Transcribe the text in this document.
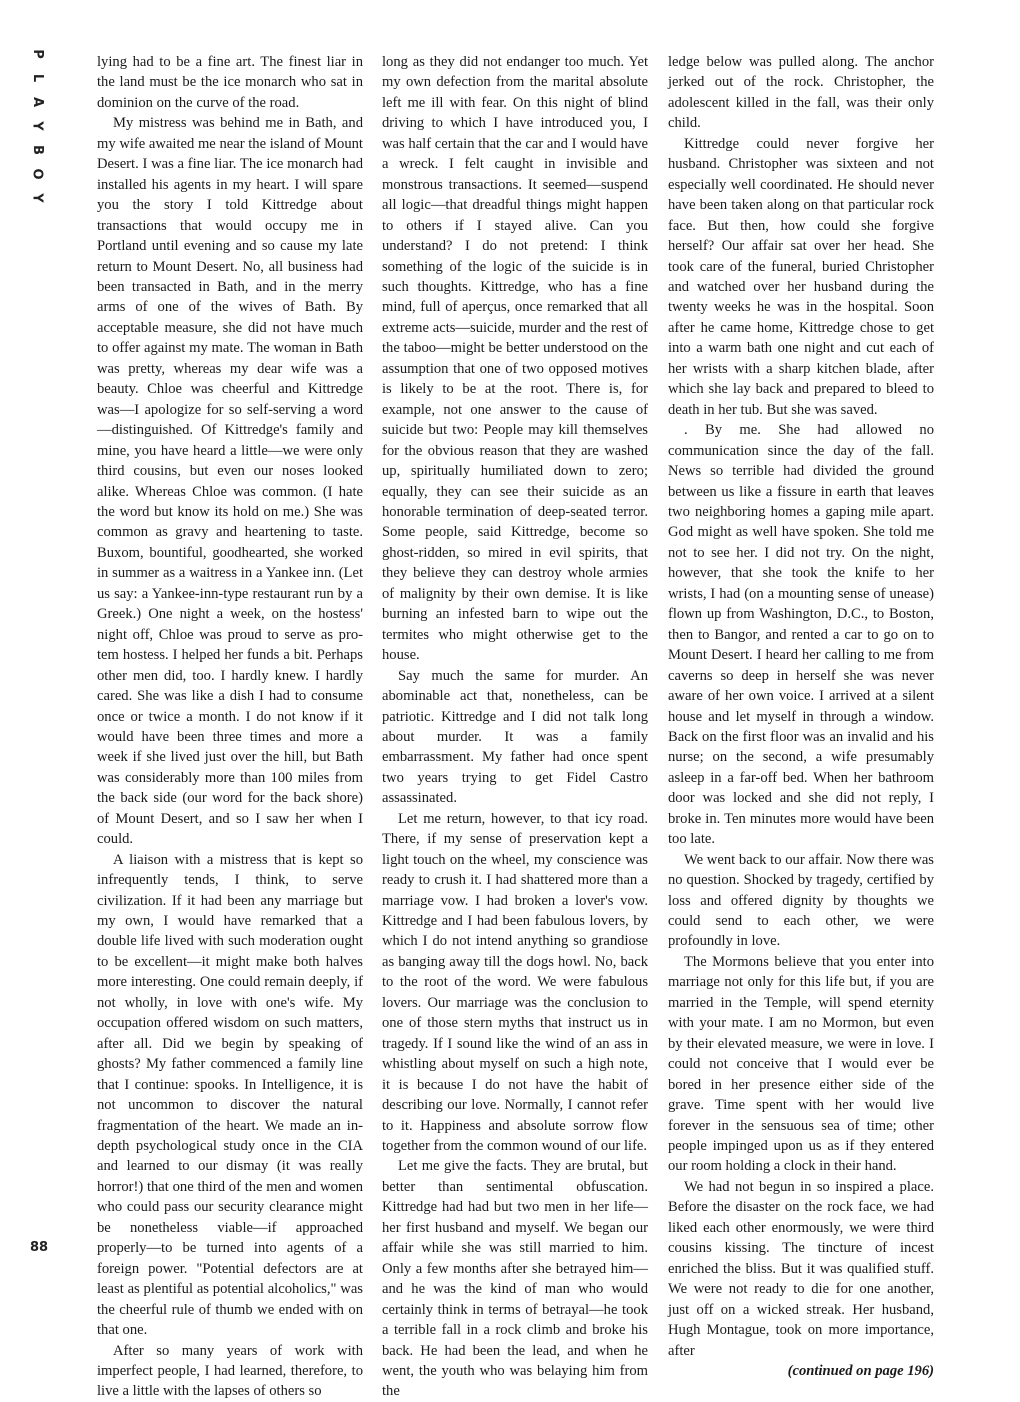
P
L
A
Y
B
O
Y
88

lying had to be a fine art. The finest liar in the land must be the ice monarch who sat in dominion on the curve of the road.

My mistress was behind me in Bath, and my wife awaited me near the island of Mount Desert. I was a fine liar. The ice monarch had installed his agents in my heart. I will spare you the story I told Kittredge about transactions that would occupy me in Portland until evening and so cause my late return to Mount Desert. No, all business had been transacted in Bath, and in the merry arms of one of the wives of Bath. By acceptable measure, she did not have much to offer against my mate. The woman in Bath was pretty, whereas my dear wife was a beauty. Chloe was cheerful and Kittredge was—I apologize for so self-serving a word—distinguished. Of Kittredge's family and mine, you have heard a little—we were only third cousins, but even our noses looked alike. Whereas Chloe was common. (I hate the word but know its hold on me.) She was common as gravy and heartening to taste. Buxom, bountiful, goodhearted, she worked in summer as a waitress in a Yankee inn. (Let us say: a Yankee-inn-type restaurant run by a Greek.) One night a week, on the hostess' night off, Chloe was proud to serve as pro-tem hostess. I helped her funds a bit. Perhaps other men did, too. I hardly knew. I hardly cared. She was like a dish I had to consume once or twice a month. I do not know if it would have been three times and more a week if she lived just over the hill, but Bath was considerably more than 100 miles from the back side (our word for the back shore) of Mount Desert, and so I saw her when I could.

A liaison with a mistress that is kept so infrequently tends, I think, to serve civilization. If it had been any marriage but my own, I would have remarked that a double life lived with such moderation ought to be excellent—it might make both halves more interesting. One could remain deeply, if not wholly, in love with one's wife. My occupation offered wisdom on such matters, after all. Did we begin by speaking of ghosts? My father commenced a family line that I continue: spooks. In Intelligence, it is not uncommon to discover the natural fragmentation of the heart. We made an in-depth psychological study once in the CIA and learned to our dismay (it was really horror!) that one third of the men and women who could pass our security clearance might be nonetheless viable—if approached properly—to be turned into agents of a foreign power. "Potential defectors are at least as plentiful as potential alcoholics," was the cheerful rule of thumb we ended with on that one.

After so many years of work with imperfect people, I had learned, therefore, to live a little with the lapses of others so

long as they did not endanger too much. Yet my own defection from the marital absolute left me ill with fear. On this night of blind driving to which I have introduced you, I was half certain that the car and I would have a wreck. I felt caught in invisible and monstrous transactions. It seemed—suspend all logic—that dreadful things might happen to others if I stayed alive. Can you understand? I do not pretend: I think something of the logic of the suicide is in such thoughts. Kittredge, who has a fine mind, full of aperçus, once remarked that all extreme acts—suicide, murder and the rest of the taboo—might be better understood on the assumption that one of two opposed motives is likely to be at the root. There is, for example, not one answer to the cause of suicide but two: People may kill themselves for the obvious reason that they are washed up, spiritually humiliated down to zero; equally, they can see their suicide as an honorable termination of deep-seated terror. Some people, said Kittredge, become so ghost-ridden, so mired in evil spirits, that they believe they can destroy whole armies of malignity by their own demise. It is like burning an infested barn to wipe out the termites who might otherwise get to the house.

Say much the same for murder. An abominable act that, nonetheless, can be patriotic. Kittredge and I did not talk long about murder. It was a family embarrassment. My father had once spent two years trying to get Fidel Castro assassinated.

Let me return, however, to that icy road. There, if my sense of preservation kept a light touch on the wheel, my conscience was ready to crush it. I had shattered more than a marriage vow. I had broken a lover's vow. Kittredge and I had been fabulous lovers, by which I do not intend anything so grandiose as banging away till the dogs howl. No, back to the root of the word. We were fabulous lovers. Our marriage was the conclusion to one of those stern myths that instruct us in tragedy. If I sound like the wind of an ass in whistling about myself on such a high note, it is because I do not have the habit of describing our love. Normally, I cannot refer to it. Happiness and absolute sorrow flow together from the common wound of our life.

Let me give the facts. They are brutal, but better than sentimental obfuscation. Kittredge had had but two men in her life—her first husband and myself. We began our affair while she was still married to him. Only a few months after she betrayed him—and he was the kind of man who would certainly think in terms of betrayal—he took a terrible fall in a rock climb and broke his back. He had been the lead, and when he went, the youth who was belaying him from the

ledge below was pulled along. The anchor jerked out of the rock. Christopher, the adolescent killed in the fall, was their only child.

Kittredge could never forgive her husband. Christopher was sixteen and not especially well coordinated. He should never have been taken along on that particular rock face. But then, how could she forgive herself? Our affair sat over her head. She took care of the funeral, buried Christopher and watched over her husband during the twenty weeks he was in the hospital. Soon after he came home, Kittredge chose to get into a warm bath one night and cut each of her wrists with a sharp kitchen blade, after which she lay back and prepared to bleed to death in her tub. But she was saved.

. By me. She had allowed no communication since the day of the fall. News so terrible had divided the ground between us like a fissure in earth that leaves two neighboring homes a gaping mile apart. God might as well have spoken. She told me not to see her. I did not try. On the night, however, that she took the knife to her wrists, I had (on a mounting sense of unease) flown up from Washington, D.C., to Boston, then to Bangor, and rented a car to go on to Mount Desert. I heard her calling to me from caverns so deep in herself she was never aware of her own voice. I arrived at a silent house and let myself in through a window. Back on the first floor was an invalid and his nurse; on the second, a wife presumably asleep in a far-off bed. When her bathroom door was locked and she did not reply, I broke in. Ten minutes more would have been too late.

We went back to our affair. Now there was no question. Shocked by tragedy, certified by loss and offered dignity by thoughts we could send to each other, we were profoundly in love.

The Mormons believe that you enter into marriage not only for this life but, if you are married in the Temple, will spend eternity with your mate. I am no Mormon, but even by their elevated measure, we were in love. I could not conceive that I would ever be bored in her presence either side of the grave. Time spent with her would live forever in the sensuous sea of time; other people impinged upon us as if they entered our room holding a clock in their hand.

We had not begun in so inspired a place. Before the disaster on the rock face, we had liked each other enormously, we were third cousins kissing. The tincture of incest enriched the bliss. But it was qualified stuff. We were not ready to die for one another, just off on a wicked streak. Her husband, Hugh Montague, took on more importance, after

(continued on page 196)
